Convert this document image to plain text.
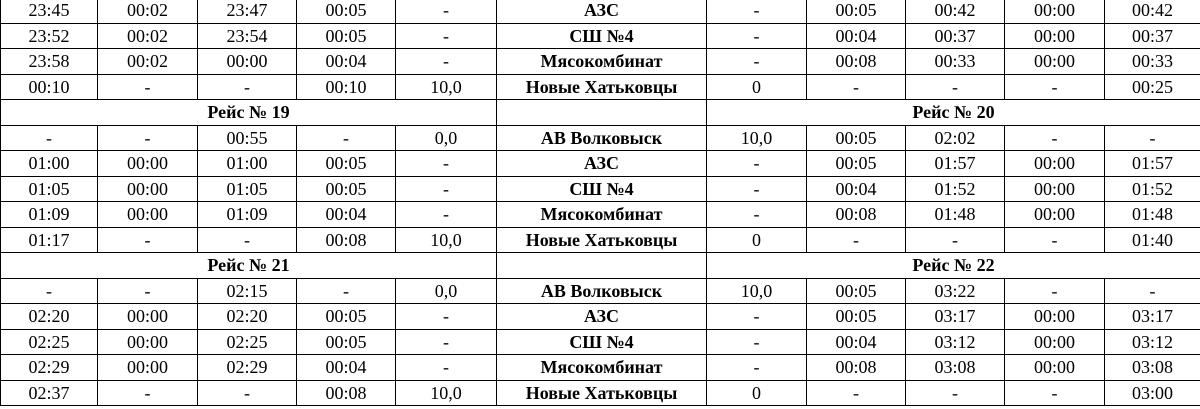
23:45	00:02	23:47	00:05	-	АЗС	-	00:05	00:42	00:00	00:42
23:52	00:02	23:54	00:05	-	СШ №4	-	00:04	00:37	00:00	00:37
23:58	00:02	00:00	00:04	-	Мясокомбинат	-	00:08	00:33	00:00	00:33
00:10	-	-	00:10	10,0	Новые Хатьковцы	0	-	-	-	00:25
Рейс № 19						Рейс № 20				
-	-	00:55	-	0,0	АВ Волковыск	10,0	00:05	02:02	-	-
01:00	00:00	01:00	00:05	-	АЗС	-	00:05	01:57	00:00	01:57
01:05	00:00	01:05	00:05	-	СШ №4	-	00:04	01:52	00:00	01:52
01:09	00:00	01:09	00:04	-	Мясокомбинат	-	00:08	01:48	00:00	01:48
01:17	-	-	00:08	10,0	Новые Хатьковцы	0	-	-	-	01:40
Рейс № 21						Рейс № 22				
-	-	02:15	-	0,0	АВ Волковыск	10,0	00:05	03:22	-	-
02:20	00:00	02:20	00:05	-	АЗС	-	00:05	03:17	00:00	03:17
02:25	00:00	02:25	00:05	-	СШ №4	-	00:04	03:12	00:00	03:12
02:29	00:00	02:29	00:04	-	Мясокомбинат	-	00:08	03:08	00:00	03:08
02:37	-	-	00:08	10,0	Новые Хатьковцы	0	-	-	-	03:00
